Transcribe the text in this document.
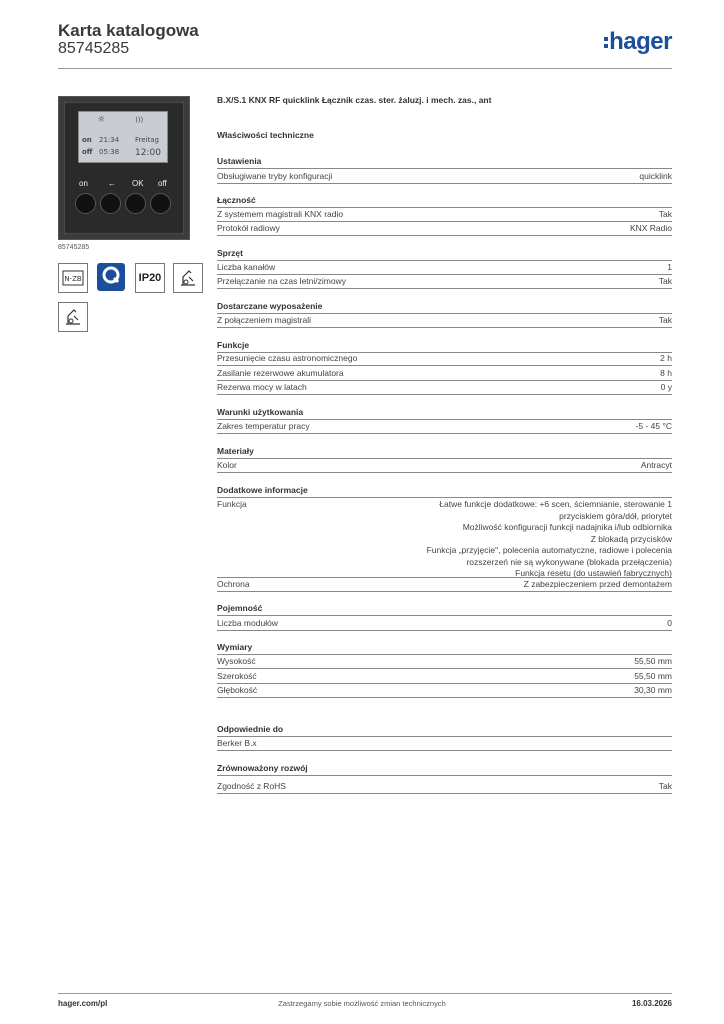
Karta katalogowa
85745285	hager
☼	)))
on 21:34
off 05:38
Freitag
12:00
on	← OK off
85745285
N-ZB	IP20
B.X/S.1 KNX RF quicklink Łącznik czas. ster. żaluzj. i mech. zas., ant
Właściwości techniczne
Ustawienia
Obsługiwane tryby konfiguracji	quicklink
Łączność
Z systemem magistrali KNX radio	Tak
Protokół radiowy	KNX Radio
Sprzęt
Liczba kanałów	1
Przełączanie na czas letni/zimowy	Tak
Dostarczane wyposażenie
Z połączeniem magistrali	Tak
Funkcje
Przesunięcie czasu astronomicznego	2 h
Zasilanie rezerwowe akumulatora	8 h
Rezerwa mocy w latach	0 y
Warunki użytkowania
Zakres temperatur pracy	-5 - 45 °C
Materiały
Kolor	Antracyt
Dodatkowe informacje
Funkcja	Łatwe funkcje dodatkowe: +6 scen, ściemnianie, sterowanie 1
przyciskiem góra/dół, priorytet
Możliwość konfiguracji funkcji nadajnika i/lub odbiornika
Z blokadą przycisków
Funkcja „przyjęcie", polecenia automatyczne, radiowe i polecenia
rozszerzeń nie są wykonywane (blokada przełączenia)
Funkcja resetu (do ustawień fabrycznych)
Ochrona	Z zabezpieczeniem przed demontażem
Pojemność
Liczba modułów	0
Wymiary
Wysokość	55,50 mm
Szerokość	55,50 mm
Głębokość	30,30 mm
Odpowiednie do
Berker B.x
Zrównoważony rozwój
Zgodność z RoHS	Tak
hager.com/pl	Zastrzegamy sobie możliwość zmian technicznych	16.03.2026
